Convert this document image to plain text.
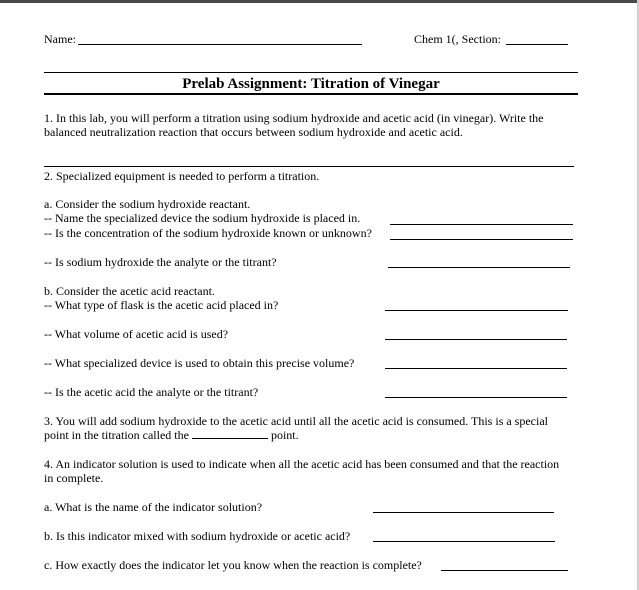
Name:	Chem 1(, Section:
Prelab Assignment: Titration of Vinegar
1. In this lab, you will perform a titration using sodium hydroxide and acetic acid (in vinegar). Write the balanced neutralization reaction that occurs between sodium hydroxide and acetic acid.
2. Specialized equipment is needed to perform a titration.
a. Consider the sodium hydroxide reactant.
-- Name the specialized device the sodium hydroxide is placed in.
-- Is the concentration of the sodium hydroxide known or unknown?
-- Is sodium hydroxide the analyte or the titrant?
b. Consider the acetic acid reactant.
-- What type of flask is the acetic acid placed in?
-- What volume of acetic acid is used?
-- What specialized device is used to obtain this precise volume?
-- Is the acetic acid the analyte or the titrant?
3. You will add sodium hydroxide to the acetic acid until all the acetic acid is consumed. This is a special
point in the titration called the	point.
4. An indicator solution is used to indicate when all the acetic acid has been consumed and that the reaction in complete.
a. What is the name of the indicator solution?
b. Is this indicator mixed with sodium hydroxide or acetic acid?
c. How exactly does the indicator let you know when the reaction is complete?
